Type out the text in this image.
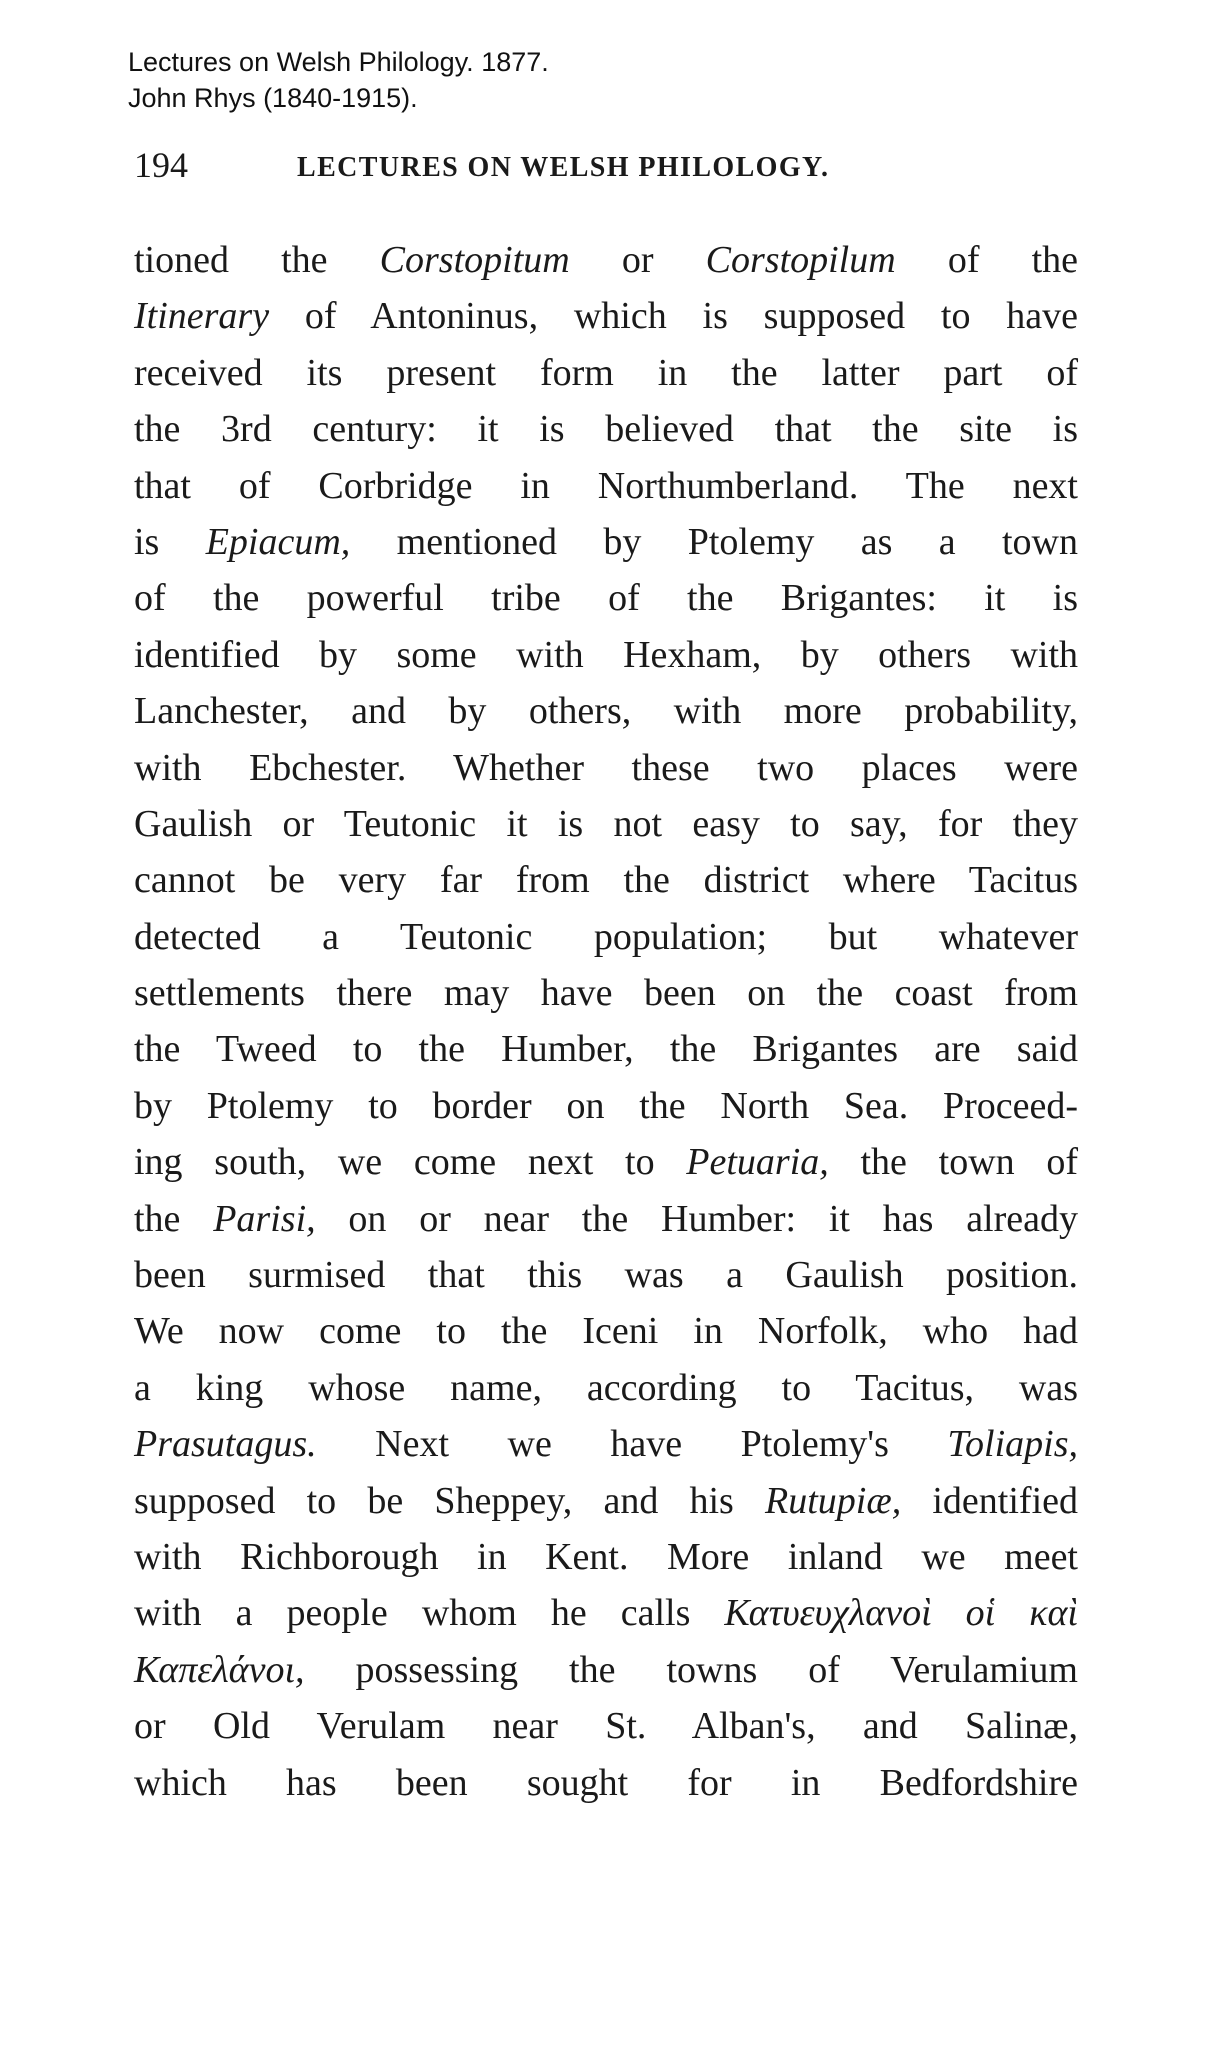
Lectures on Welsh Philology. 1877.
John Rhys (1840-1915).
194	LECTURES ON WELSH PHILOLOGY.
tioned the Corstopitum or Corstopilum of the
Itinerary of Antoninus, which is supposed to have
received its present form in the latter part of
the 3rd century: it is believed that the site is
that of Corbridge in Northumberland. The next
is Epiacum, mentioned by Ptolemy as a town
of the powerful tribe of the Brigantes: it is
identified by some with Hexham, by others with
Lanchester, and by others, with more probability,
with Ebchester. Whether these two places were
Gaulish or Teutonic it is not easy to say, for they
cannot be very far from the district where Tacitus
detected a Teutonic population; but whatever
settlements there may have been on the coast from
the Tweed to the Humber, the Brigantes are said
by Ptolemy to border on the North Sea. Proceed-
ing south, we come next to Petuaria, the town of
the Parisi, on or near the Humber: it has already
been surmised that this was a Gaulish position.
We now come to the Iceni in Norfolk, who had
a king whose name, according to Tacitus, was
Prasutagus. Next we have Ptolemy's Toliapis,
supposed to be Sheppey, and his Rutupiæ, identified
with Richborough in Kent. More inland we meet
with a people whom he calls Κατυευχλανοὶ οἱ καὶ
Καπελάνοι, possessing the towns of Verulamium
or Old Verulam near St. Alban's, and Salinæ,
which has been sought for in Bedfordshire
